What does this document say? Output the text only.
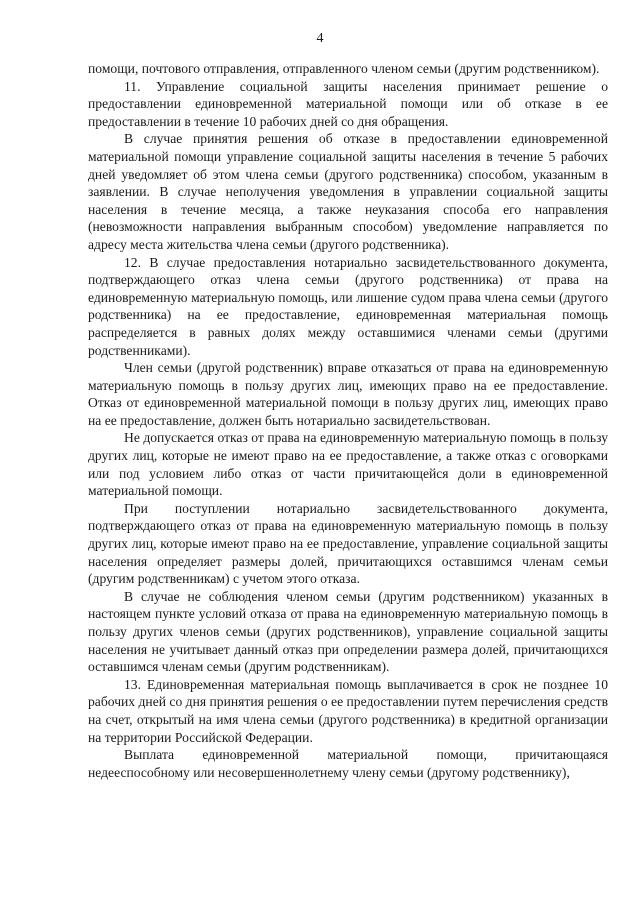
4

помощи, почтового отправления, отправленного членом семьи (другим родственником).

11. Управление социальной защиты населения принимает решение о предоставлении единовременной материальной помощи или об отказе в ее предоставлении в течение 10 рабочих дней со дня обращения.

В случае принятия решения об отказе в предоставлении единовременной материальной помощи управление социальной защиты населения в течение 5 рабочих дней уведомляет об этом члена семьи (другого родственника) способом, указанным в заявлении. В случае неполучения уведомления в управлении социальной защиты населения в течение месяца, а также неуказания способа его направления (невозможности направления выбранным способом) уведомление направляется по адресу места жительства члена семьи (другого родственника).

12. В случае предоставления нотариально засвидетельствованного документа, подтверждающего отказ члена семьи (другого родственника) от права на единовременную материальную помощь, или лишение судом права члена семьи (другого родственника) на ее предоставление, единовременная материальная помощь распределяется в равных долях между оставшимися членами семьи (другими родственниками).

Член семьи (другой родственник) вправе отказаться от права на единовременную материальную помощь в пользу других лиц, имеющих право на ее предоставление. Отказ от единовременной материальной помощи в пользу других лиц, имеющих право на ее предоставление, должен быть нотариально засвидетельствован.

Не допускается отказ от права на единовременную материальную помощь в пользу других лиц, которые не имеют право на ее предоставление, а также отказ с оговорками или под условием либо отказ от части причитающейся доли в единовременной материальной помощи.

При поступлении нотариально засвидетельствованного документа, подтверждающего отказ от права на единовременную материальную помощь в пользу других лиц, которые имеют право на ее предоставление, управление социальной защиты населения определяет размеры долей, причитающихся оставшимся членам семьи (другим родственникам) с учетом этого отказа.

В случае не соблюдения членом семьи (другим родственником) указанных в настоящем пункте условий отказа от права на единовременную материальную помощь в пользу других членов семьи (других родственников), управление социальной защиты населения не учитывает данный отказ при определении размера долей, причитающихся оставшимся членам семьи (другим родственникам).

13. Единовременная материальная помощь выплачивается в срок не позднее 10 рабочих дней со дня принятия решения о ее предоставлении путем перечисления средств на счет, открытый на имя члена семьи (другого родственника) в кредитной организации на территории Российской Федерации.

Выплата единовременной материальной помощи, причитающаяся недееспособному или несовершеннолетнему члену семьи (другому родственнику),
